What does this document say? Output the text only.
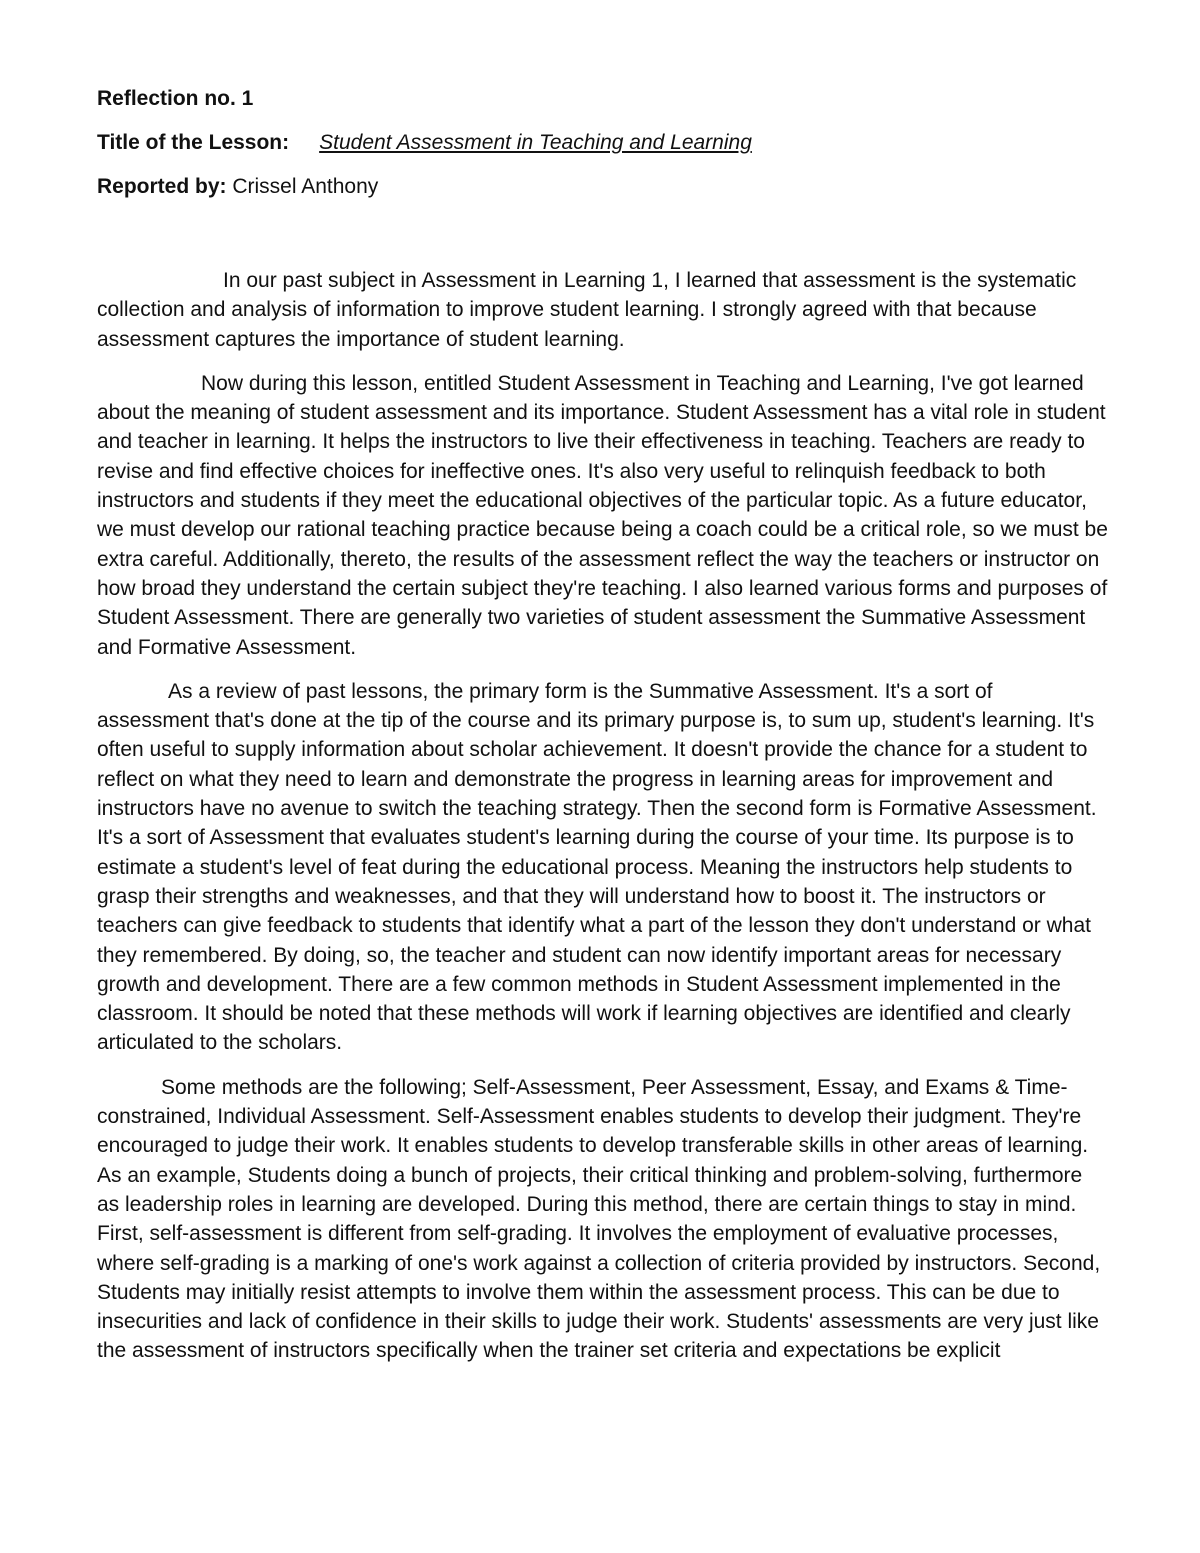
Reflection no. 1
Title of the Lesson: Student Assessment in Teaching and Learning
Reported by: Crissel Anthony

In our past subject in Assessment in Learning 1, I learned that assessment is the systematic collection and analysis of information to improve student learning. I strongly agreed with that because assessment captures the importance of student learning.

Now during this lesson, entitled Student Assessment in Teaching and Learning, I've got learned about the meaning of student assessment and its importance. Student Assessment has a vital role in student and teacher in learning. It helps the instructors to live their effectiveness in teaching. Teachers are ready to revise and find effective choices for ineffective ones. It's also very useful to relinquish feedback to both instructors and students if they meet the educational objectives of the particular topic. As a future educator, we must develop our rational teaching practice because being a coach could be a critical role, so we must be extra careful. Additionally, thereto, the results of the assessment reflect the way the teachers or instructor on how broad they understand the certain subject they're teaching. I also learned various forms and purposes of Student Assessment. There are generally two varieties of student assessment the Summative Assessment and Formative Assessment.

As a review of past lessons, the primary form is the Summative Assessment. It's a sort of assessment that's done at the tip of the course and its primary purpose is, to sum up, student's learning. It's often useful to supply information about scholar achievement. It doesn't provide the chance for a student to reflect on what they need to learn and demonstrate the progress in learning areas for improvement and instructors have no avenue to switch the teaching strategy. Then the second form is Formative Assessment. It's a sort of Assessment that evaluates student's learning during the course of your time. Its purpose is to estimate a student's level of feat during the educational process. Meaning the instructors help students to grasp their strengths and weaknesses, and that they will understand how to boost it. The instructors or teachers can give feedback to students that identify what a part of the lesson they don't understand or what they remembered. By doing, so, the teacher and student can now identify important areas for necessary growth and development. There are a few common methods in Student Assessment implemented in the classroom. It should be noted that these methods will work if learning objectives are identified and clearly articulated to the scholars.

Some methods are the following; Self-Assessment, Peer Assessment, Essay, and Exams & Time-constrained, Individual Assessment. Self-Assessment enables students to develop their judgment. They're encouraged to judge their work. It enables students to develop transferable skills in other areas of learning. As an example, Students doing a bunch of projects, their critical thinking and problem-solving, furthermore as leadership roles in learning are developed. During this method, there are certain things to stay in mind. First, self-assessment is different from self-grading. It involves the employment of evaluative processes, where self-grading is a marking of one's work against a collection of criteria provided by instructors. Second, Students may initially resist attempts to involve them within the assessment process. This can be due to insecurities and lack of confidence in their skills to judge their work. Students' assessments are very just like the assessment of instructors specifically when the trainer set criteria and expectations be explicit
